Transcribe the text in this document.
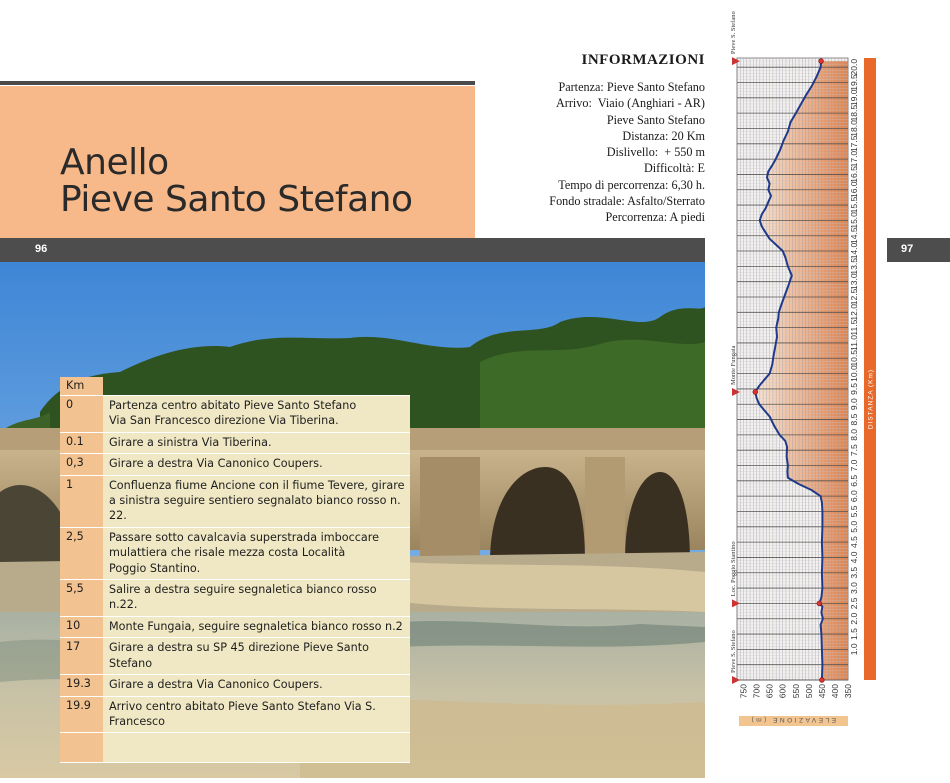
Anello
Pieve Santo Stefano
96	97
INFORMAZIONI
Partenza: Pieve Santo Stefano
Arrivo:  Viaio (Anghiari - AR)
Pieve Santo Stefano
Distanza: 20 Km
Dislivello:  + 550 m
Difficoltà: E
Tempo di percorrenza: 6,30 h.
Fondo stradale: Asfalto/Sterrato
Percorrenza: A piedi
Km	
0	Partenza centro abitato Pieve Santo Stefano
Via San Francesco direzione Via Tiberina.
0.1	Girare a sinistra Via Tiberina.
0,3	Girare a destra Via Canonico Coupers.
1	Confluenza fiume Ancione con il fiume Tevere, girare a sinistra seguire sentiero segnalato bianco rosso n. 22.
2,5	Passare sotto cavalcavia superstrada imboccare mulattiera che risale mezza costa Località
Poggio Stantino.
5,5	Salire a destra seguire segnaletica bianco rosso n.22.
10	Monte Fungaia, seguire segnaletica bianco rosso n.2
17	Girare a destra su SP 45 direzione Pieve Santo Stefano
19.3	Girare a destra Via Canonico Coupers.
19.9	Arrivo centro abitato Pieve Santo Stefano Via S. Francesco

1.0
1.5
2.0
2.5
3.0
3.5
4.0
4.5
5.0
5.5
6.0
6.5
7.0
7.5
8.0
8.5
9.0
9.5
10.0
10.5
11.0
11.5
12.0
12.5
13.0
13.5
14.0
14.5
15.0
15.5
16.0
16.5
17.0
17.5
18.0
18.5
19.0
19.5
20.0
DISTANZA (Km)
750 700 650 600 550 500 450 400 350
ELEVAZIONE (m)
Pieve S. Stefano
Loc. Poggio Stantino
Monte Fungaia
Pieve S. Stefano
